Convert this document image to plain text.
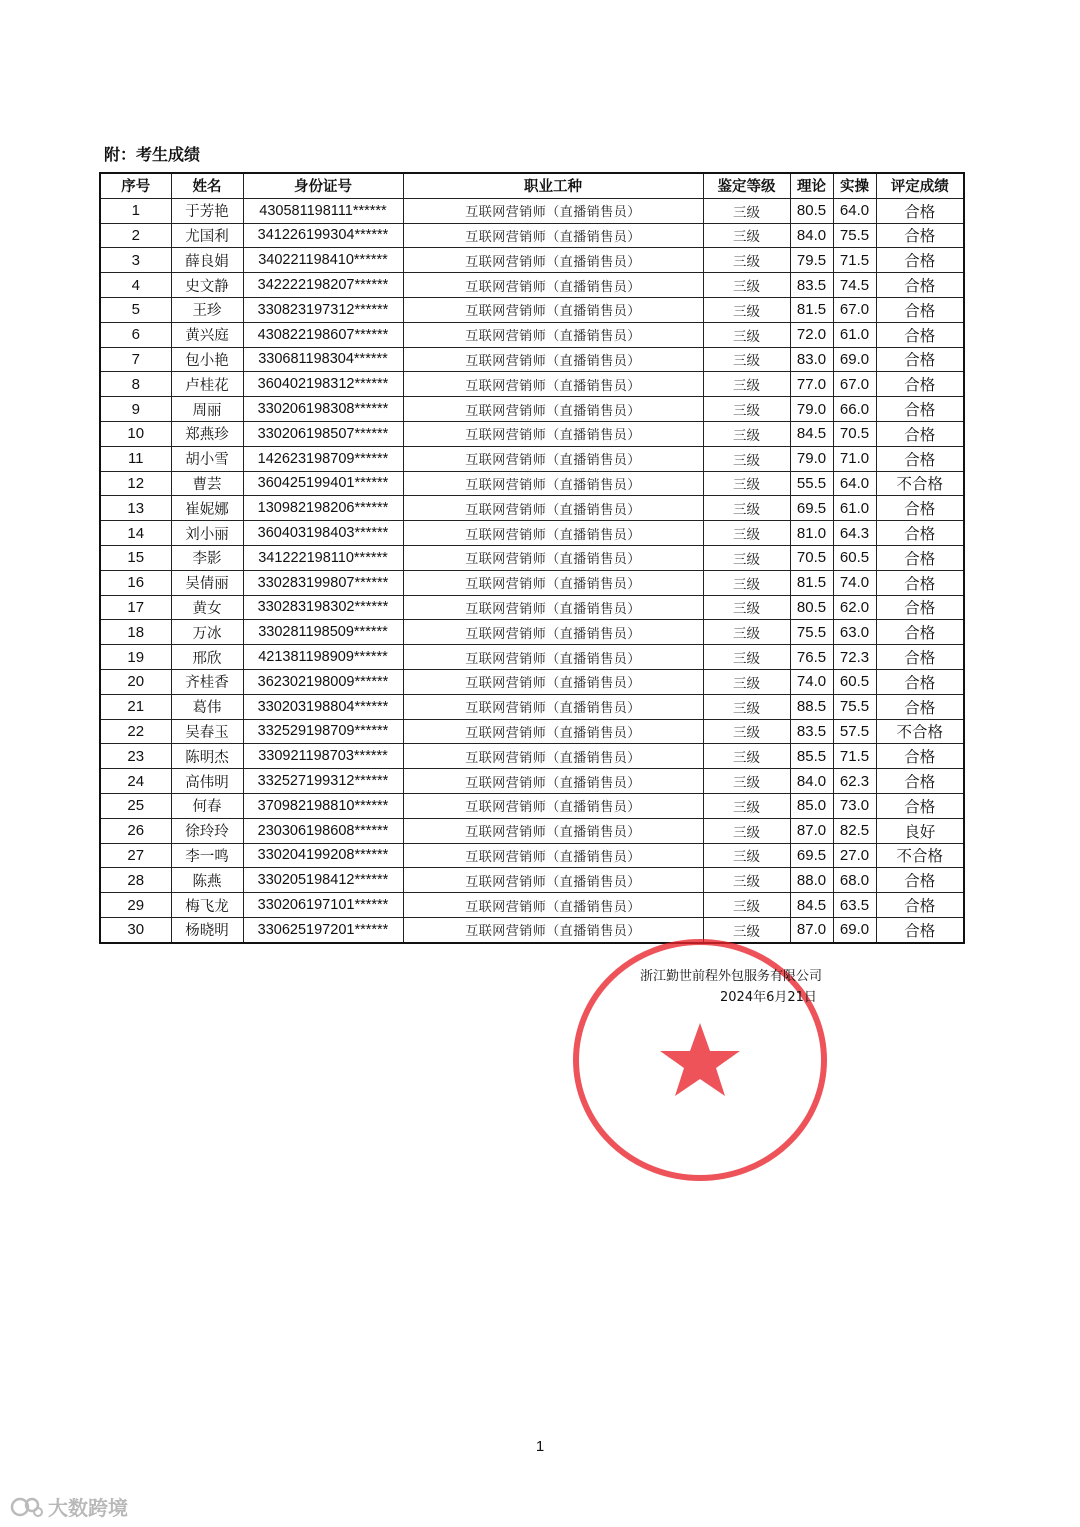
附：考生成绩
序号	姓名	身份证号	职业工种	鉴定等级	理论	实操	评定成绩
1	于芳艳	430581198111******	互联网营销师（直播销售员）	三级	80.5	64.0	合格
2	尤国利	341226199304******	互联网营销师（直播销售员）	三级	84.0	75.5	合格
3	薛良娟	340221198410******	互联网营销师（直播销售员）	三级	79.5	71.5	合格
4	史文静	342222198207******	互联网营销师（直播销售员）	三级	83.5	74.5	合格
5	王珍	330823197312******	互联网营销师（直播销售员）	三级	81.5	67.0	合格
6	黄兴庭	430822198607******	互联网营销师（直播销售员）	三级	72.0	61.0	合格
7	包小艳	330681198304******	互联网营销师（直播销售员）	三级	83.0	69.0	合格
8	卢桂花	360402198312******	互联网营销师（直播销售员）	三级	77.0	67.0	合格
9	周丽	330206198308******	互联网营销师（直播销售员）	三级	79.0	66.0	合格
10	郑燕珍	330206198507******	互联网营销师（直播销售员）	三级	84.5	70.5	合格
11	胡小雪	142623198709******	互联网营销师（直播销售员）	三级	79.0	71.0	合格
12	曹芸	360425199401******	互联网营销师（直播销售员）	三级	55.5	64.0	不合格
13	崔妮娜	130982198206******	互联网营销师（直播销售员）	三级	69.5	61.0	合格
14	刘小丽	360403198403******	互联网营销师（直播销售员）	三级	81.0	64.3	合格
15	李影	341222198110******	互联网营销师（直播销售员）	三级	70.5	60.5	合格
16	吴倩丽	330283199807******	互联网营销师（直播销售员）	三级	81.5	74.0	合格
17	黄女	330283198302******	互联网营销师（直播销售员）	三级	80.5	62.0	合格
18	万冰	330281198509******	互联网营销师（直播销售员）	三级	75.5	63.0	合格
19	邢欣	421381198909******	互联网营销师（直播销售员）	三级	76.5	72.3	合格
20	齐桂香	362302198009******	互联网营销师（直播销售员）	三级	74.0	60.5	合格
21	葛伟	330203198804******	互联网营销师（直播销售员）	三级	88.5	75.5	合格
22	吴春玉	332529198709******	互联网营销师（直播销售员）	三级	83.5	57.5	不合格
23	陈明杰	330921198703******	互联网营销师（直播销售员）	三级	85.5	71.5	合格
24	高伟明	332527199312******	互联网营销师（直播销售员）	三级	84.0	62.3	合格
25	何春	370982198810******	互联网营销师（直播销售员）	三级	85.0	73.0	合格
26	徐玲玲	230306198608******	互联网营销师（直播销售员）	三级	87.0	82.5	良好
27	李一鸣	330204199208******	互联网营销师（直播销售员）	三级	69.5	27.0	不合格
28	陈燕	330205198412******	互联网营销师（直播销售员）	三级	88.0	68.0	合格
29	梅飞龙	330206197101******	互联网营销师（直播销售员）	三级	84.5	63.5	合格
30	杨晓明	330625197201******	互联网营销师（直播销售员）	三级	87.0	69.0	合格
浙江勤世前程外包服务有限公司
2024年6月21日
1
大数跨境
